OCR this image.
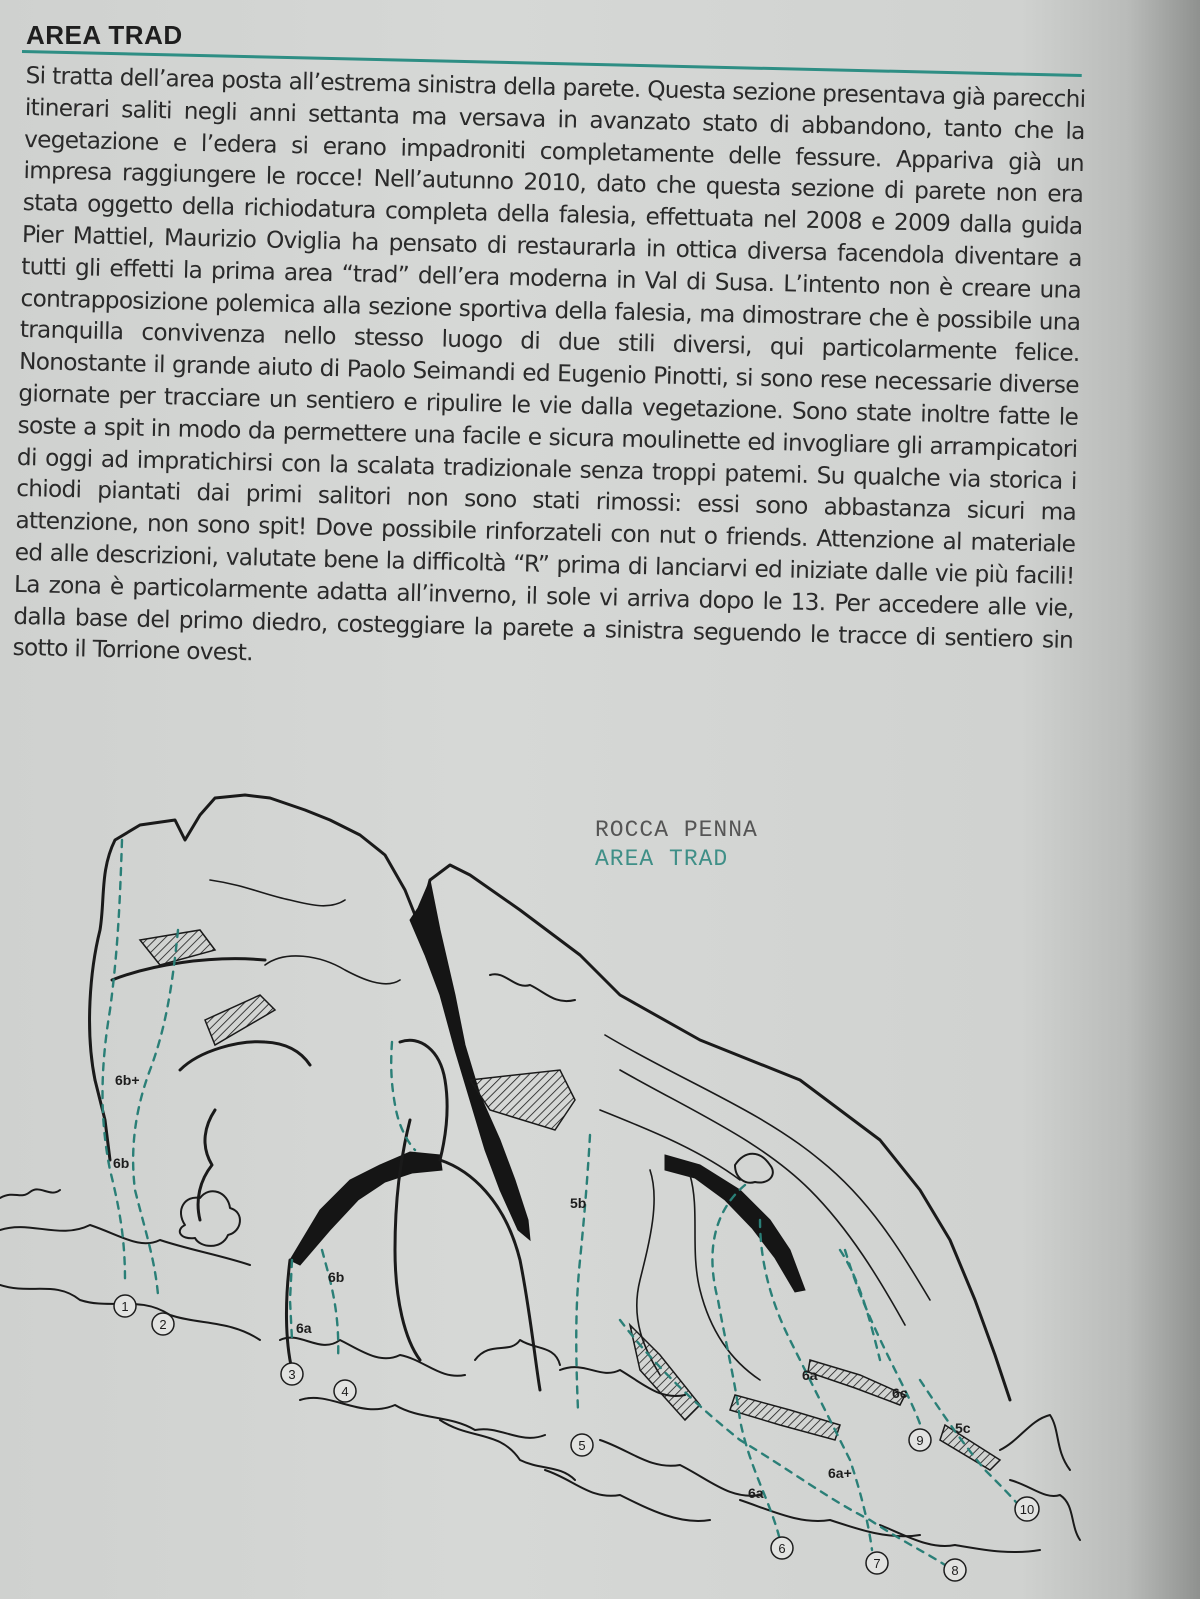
AREA TRAD

Si tratta dell’area posta all’estrema sinistra della parete. Questa sezione presentava già parecchi itinerari saliti negli anni settanta ma versava in avanzato stato di abbandono, tanto che la vegetazione e l’edera si erano impadroniti completamente delle fessure. Appariva già un impresa raggiungere le rocce! Nell’autunno 2010, dato che questa sezione di parete non era stata oggetto della richiodatura completa della falesia, effettuata nel 2008 e 2009 dalla guida Pier Mattiel, Maurizio Oviglia ha pensato di restaurarla in ottica diversa facendola diventare a tutti gli effetti la prima area “trad” dell’era moderna in Val di Susa. L’intento non è creare una contrapposizione polemica alla sezione sportiva della falesia, ma dimostrare che è possibile una tranquilla convivenza nello stesso luogo di due stili diversi, qui particolarmente felice. Nonostante il grande aiuto di Paolo Seimandi ed Eugenio Pinotti, si sono rese necessarie diverse giornate per tracciare un sentiero e ripulire le vie dalla vegetazione. Sono state inoltre fatte le soste a spit in modo da permettere una facile e sicura moulinette ed invogliare gli arrampicatori di oggi ad impratichirsi con la scalata tradizionale senza troppi patemi. Su qualche via storica i chiodi piantati dai primi salitori non sono stati rimossi: essi sono abbastanza sicuri ma attenzione, non sono spit! Dove possibile rinforzateli con nut o friends. Attenzione al materiale ed alle descrizioni, valutate bene la difficoltà “R” prima di lanciarvi ed iniziate dalle vie più facili! La zona è particolarmente adatta all’inverno, il sole vi arriva dopo le 13. Per accedere alle vie, dalla base del primo diedro, costeggiare la parete a sinistra seguendo le tracce di sentiero sin sotto il Torrione ovest.

ROCCA PENNA
AREA TRAD
6b+
6b
6b
6a
5b
6a
6c
5c
6a+
6a
1
2
3
4
5
6
7	8
9
10
